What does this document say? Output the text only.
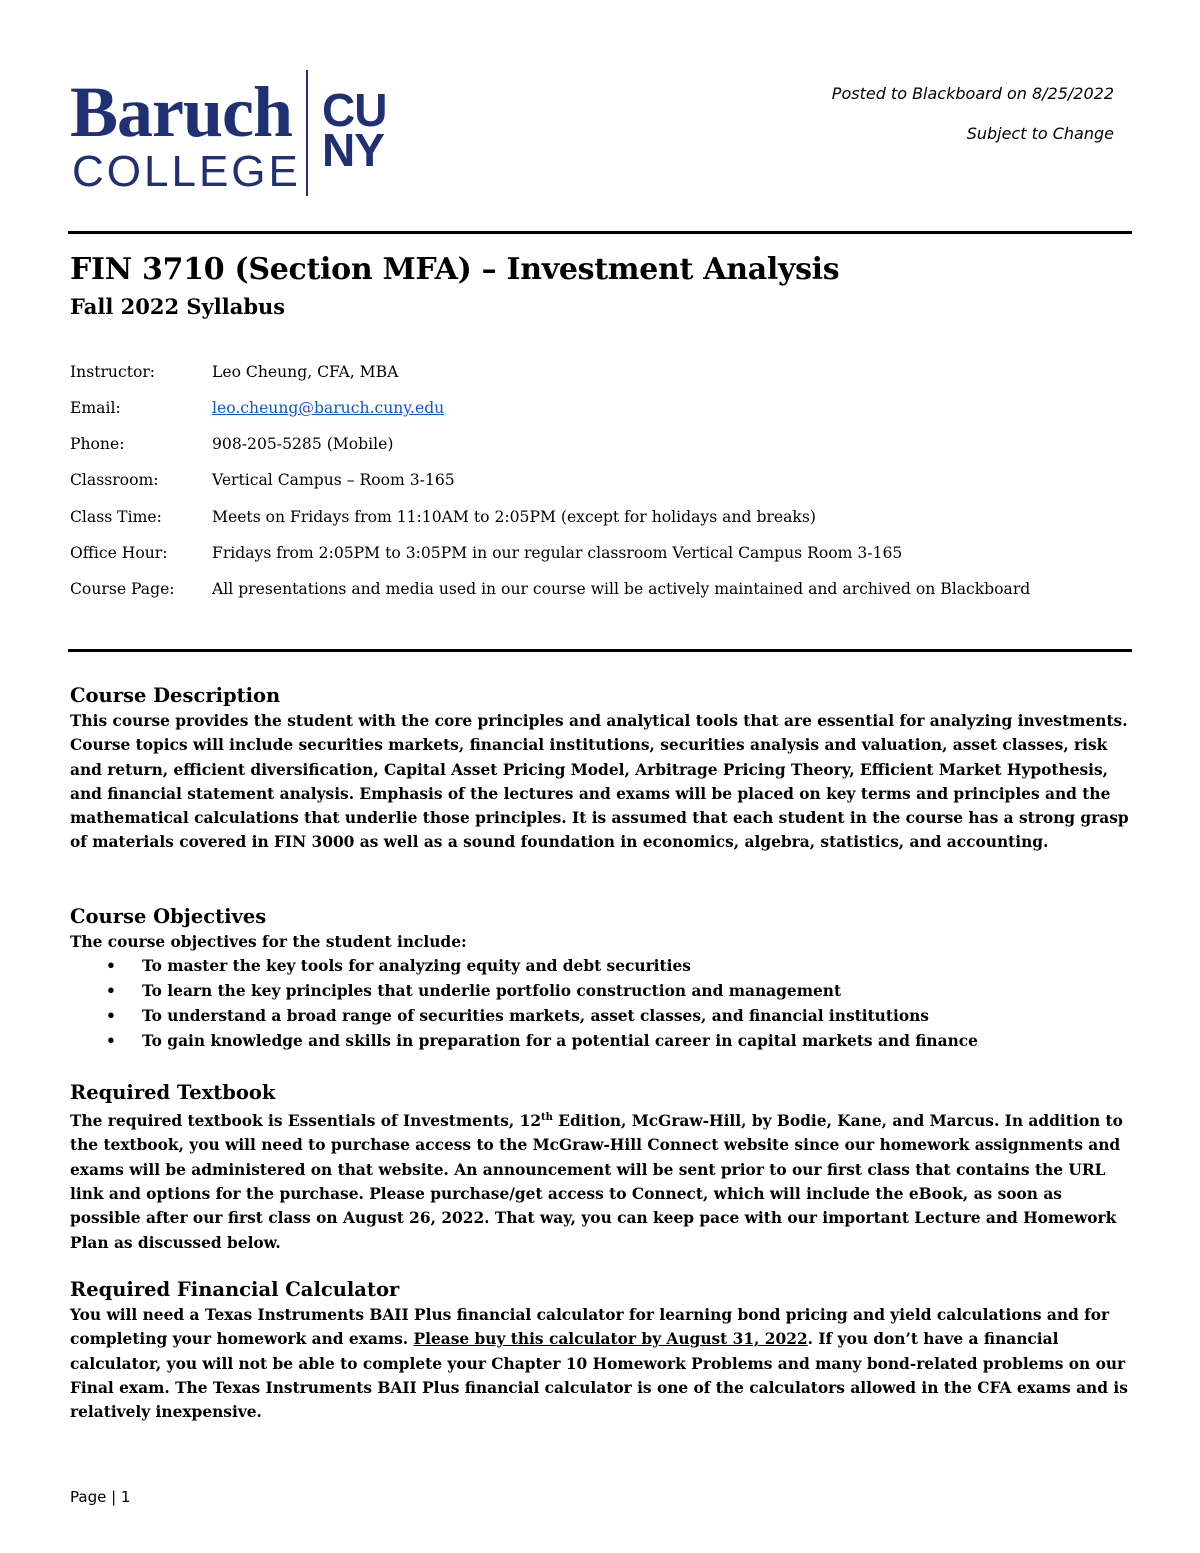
Baruch
COLLEGE
CU
NY
Posted to Blackboard on 8/25/2022
Subject to Change
FIN 3710 (Section MFA) – Investment Analysis
Fall 2022 Syllabus
Instructor:	Leo Cheung, CFA, MBA
Email:	leo.cheung@baruch.cuny.edu
Phone:	908-205-5285 (Mobile)
Classroom:	Vertical Campus – Room 3-165
Class Time:	Meets on Fridays from 11:10AM to 2:05PM (except for holidays and breaks)
Office Hour:	Fridays from 2:05PM to 3:05PM in our regular classroom Vertical Campus Room 3-165
Course Page: All presentations and media used in our course will be actively maintained and archived on Blackboard
Course Description

This course provides the student with the core principles and analytical tools that are essential for analyzing investments. Course topics will include securities markets, financial institutions, securities analysis and valuation, asset classes, risk and return, efficient diversification, Capital Asset Pricing Model, Arbitrage Pricing Theory, Efficient Market Hypothesis, and financial statement analysis. Emphasis of the lectures and exams will be placed on key terms and principles and the mathematical calculations that underlie those principles. It is assumed that each student in the course has a strong grasp of materials covered in FIN 3000 as well as a sound foundation in economics, algebra, statistics, and accounting.

Course Objectives

The course objectives for the student include:

• To master the key tools for analyzing equity and debt securities
• To learn the key principles that underlie portfolio construction and management
• To understand a broad range of securities markets, asset classes, and financial institutions
• To gain knowledge and skills in preparation for a potential career in capital markets and finance
Required Textbook

The required textbook is Essentials of Investments, 12th Edition, McGraw-Hill, by Bodie, Kane, and Marcus. In addition to the textbook, you will need to purchase access to the McGraw-Hill Connect website since our homework assignments and exams will be administered on that website. An announcement will be sent prior to our first class that contains the URL link and options for the purchase. Please purchase/get access to Connect, which will include the eBook, as soon as possible after our first class on August 26, 2022. That way, you can keep pace with our important Lecture and Homework Plan as discussed below.

Required Financial Calculator

You will need a Texas Instruments BAII Plus financial calculator for learning bond pricing and yield calculations and for completing your homework and exams. Please buy this calculator by August 31, 2022. If you don’t have a financial calculator, you will not be able to complete your Chapter 10 Homework Problems and many bond-related problems on our Final exam. The Texas Instruments BAII Plus financial calculator is one of the calculators allowed in the CFA exams and is relatively inexpensive.

Page | 1
